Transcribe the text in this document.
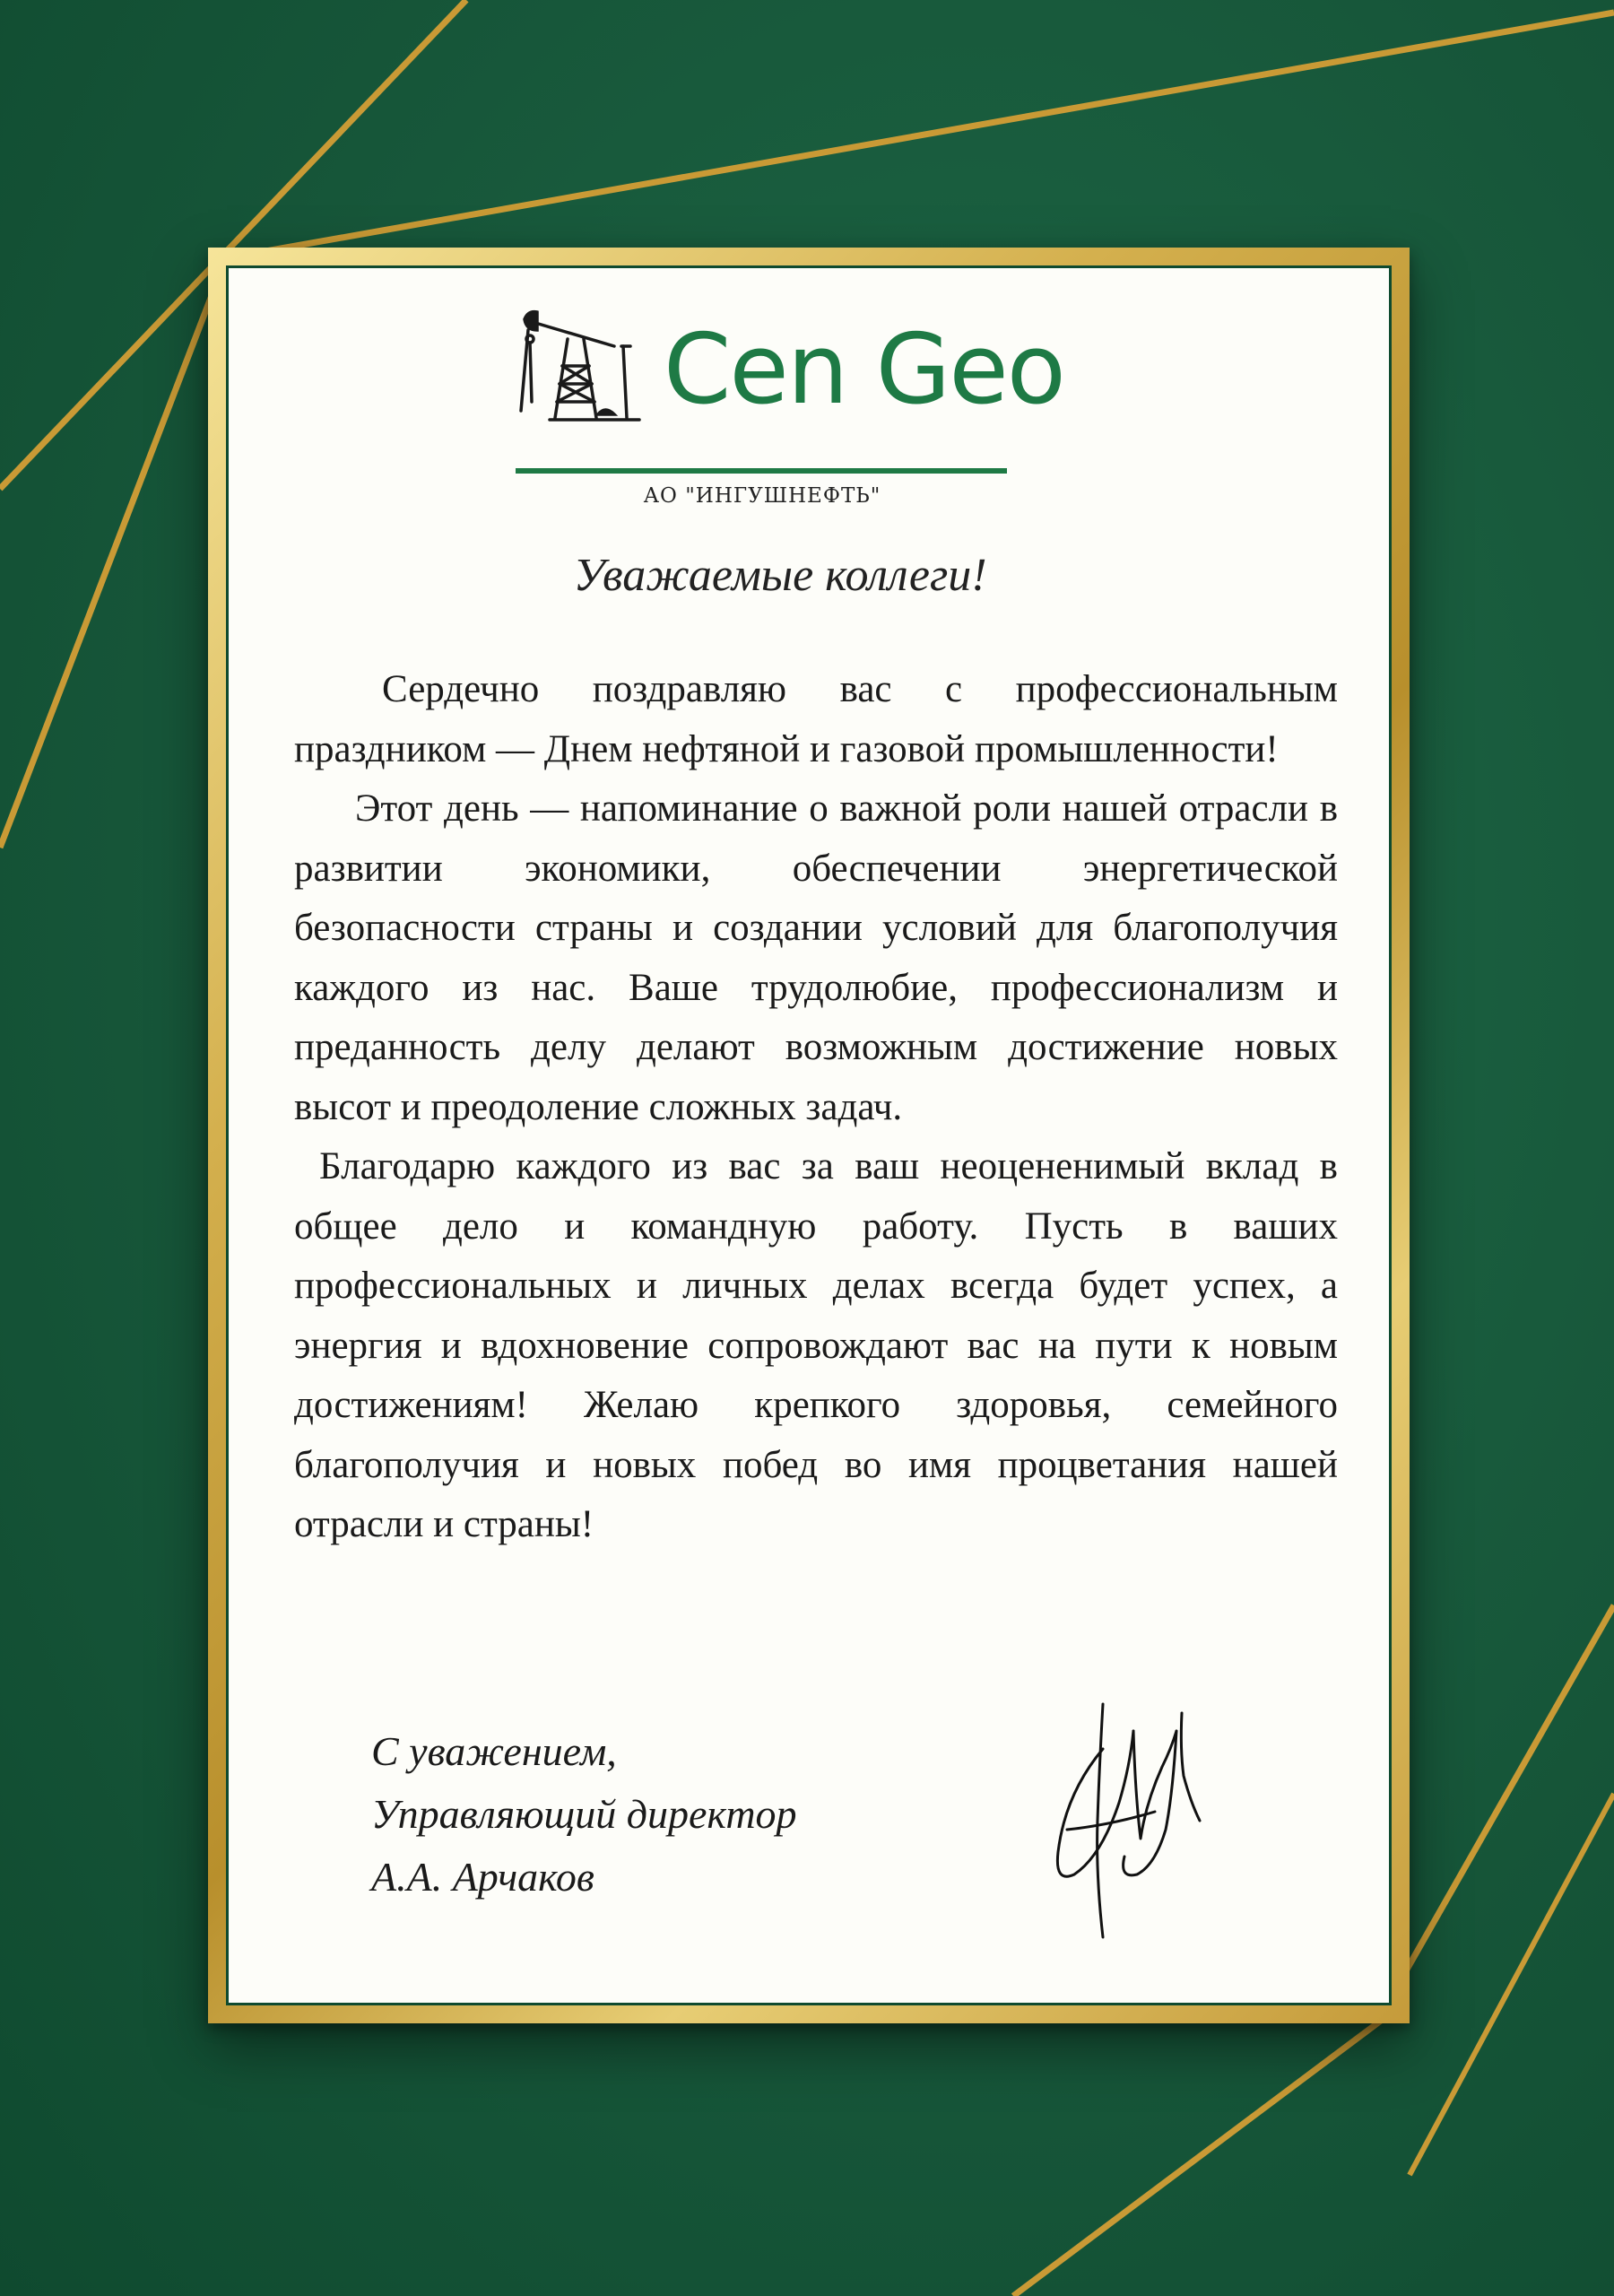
Cen Geo
АО "ИНГУШНЕФТЬ"
Уважаемые коллеги!

Сердечно поздравляю вас с профессиональным праздником — Днем нефтяной и газовой промышленности!

Этот день — напоминание о важной роли нашей отрасли в развитии экономики, обеспечении энергетической безопасности страны и создании условий для благополучия каждого из нас. Ваше трудолюбие, профессионализм и преданность делу делают возможным достижение новых высот и преодоление сложных задач.

Благодарю каждого из вас за ваш неоцененимый вклад в общее дело и командную работу. Пусть в ваших профессиональных и личных делах всегда будет успех, а энергия и вдохновение сопровождают вас на пути к новым достижениям! Желаю крепкого здоровья, семейного благополучия и новых побед во имя процветания нашей отрасли и страны!

С уважением,
Управляющий директор
А.А. Арчаков
